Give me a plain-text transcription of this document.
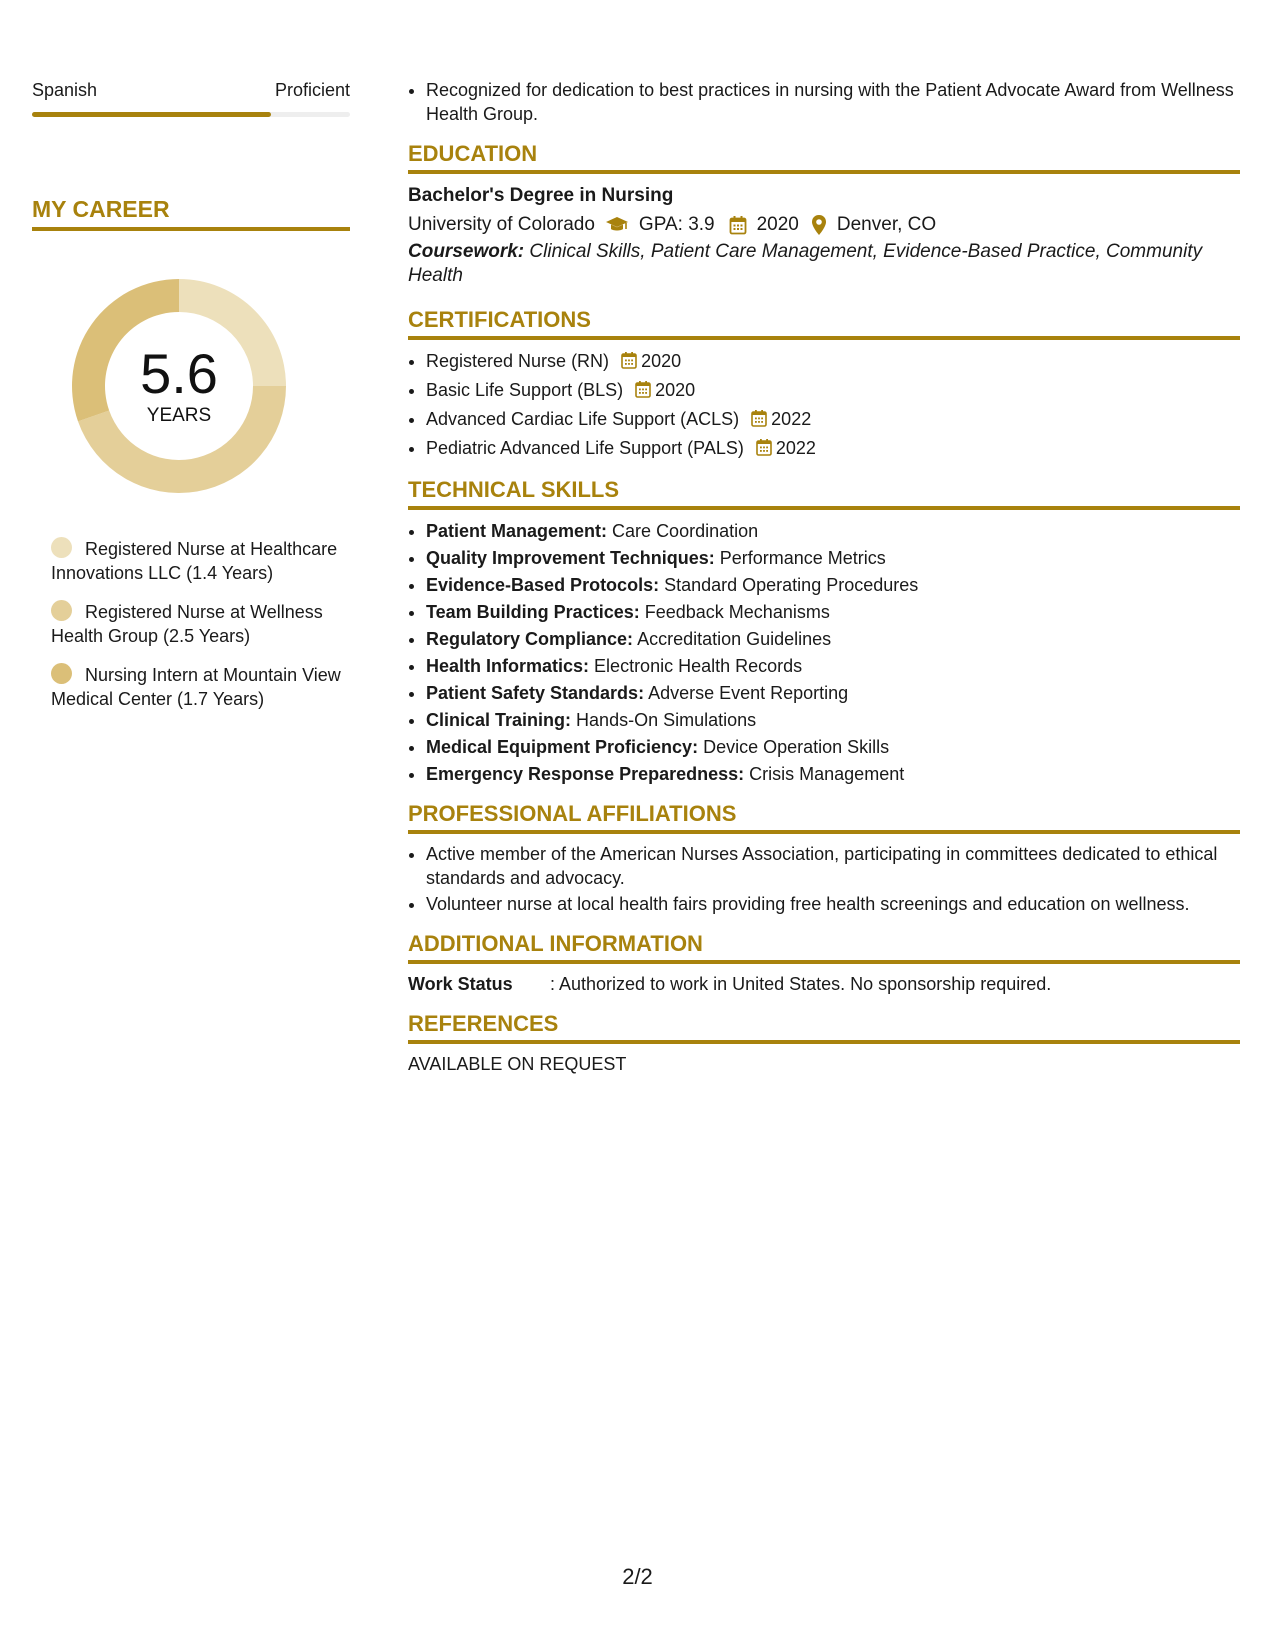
Spanish	Proficient
MY CAREER
5.6
YEARS
Registered Nurse at Healthcare Innovations LLC (1.4 Years)
Registered Nurse at Wellness Health Group (2.5 Years)
Nursing Intern at Mountain View Medical Center (1.7 Years)
• Recognized for dedication to best practices in nursing with the Patient Advocate Award from Wellness Health Group.
EDUCATION
Bachelor's Degree in Nursing
University of Colorado GPA: 3.9 2020 Denver, CO
Coursework: Clinical Skills, Patient Care Management, Evidence-Based Practice, Community Health
CERTIFICATIONS
• Registered Nurse (RN) 2020
• Basic Life Support (BLS) 2020
• Advanced Cardiac Life Support (ACLS) 2022
• Pediatric Advanced Life Support (PALS) 2022
TECHNICAL SKILLS
• Patient Management: Care Coordination
• Quality Improvement Techniques: Performance Metrics
• Evidence-Based Protocols: Standard Operating Procedures
• Team Building Practices: Feedback Mechanisms
• Regulatory Compliance: Accreditation Guidelines
• Health Informatics: Electronic Health Records
• Patient Safety Standards: Adverse Event Reporting
• Clinical Training: Hands-On Simulations
• Medical Equipment Proficiency: Device Operation Skills
• Emergency Response Preparedness: Crisis Management
PROFESSIONAL AFFILIATIONS
• Active member of the American Nurses Association, participating in committees dedicated to ethical standards and advocacy.
• Volunteer nurse at local health fairs providing free health screenings and education on wellness.
ADDITIONAL INFORMATION
Work Status	: Authorized to work in United States. No sponsorship required.
REFERENCES
AVAILABLE ON REQUEST
2/2
